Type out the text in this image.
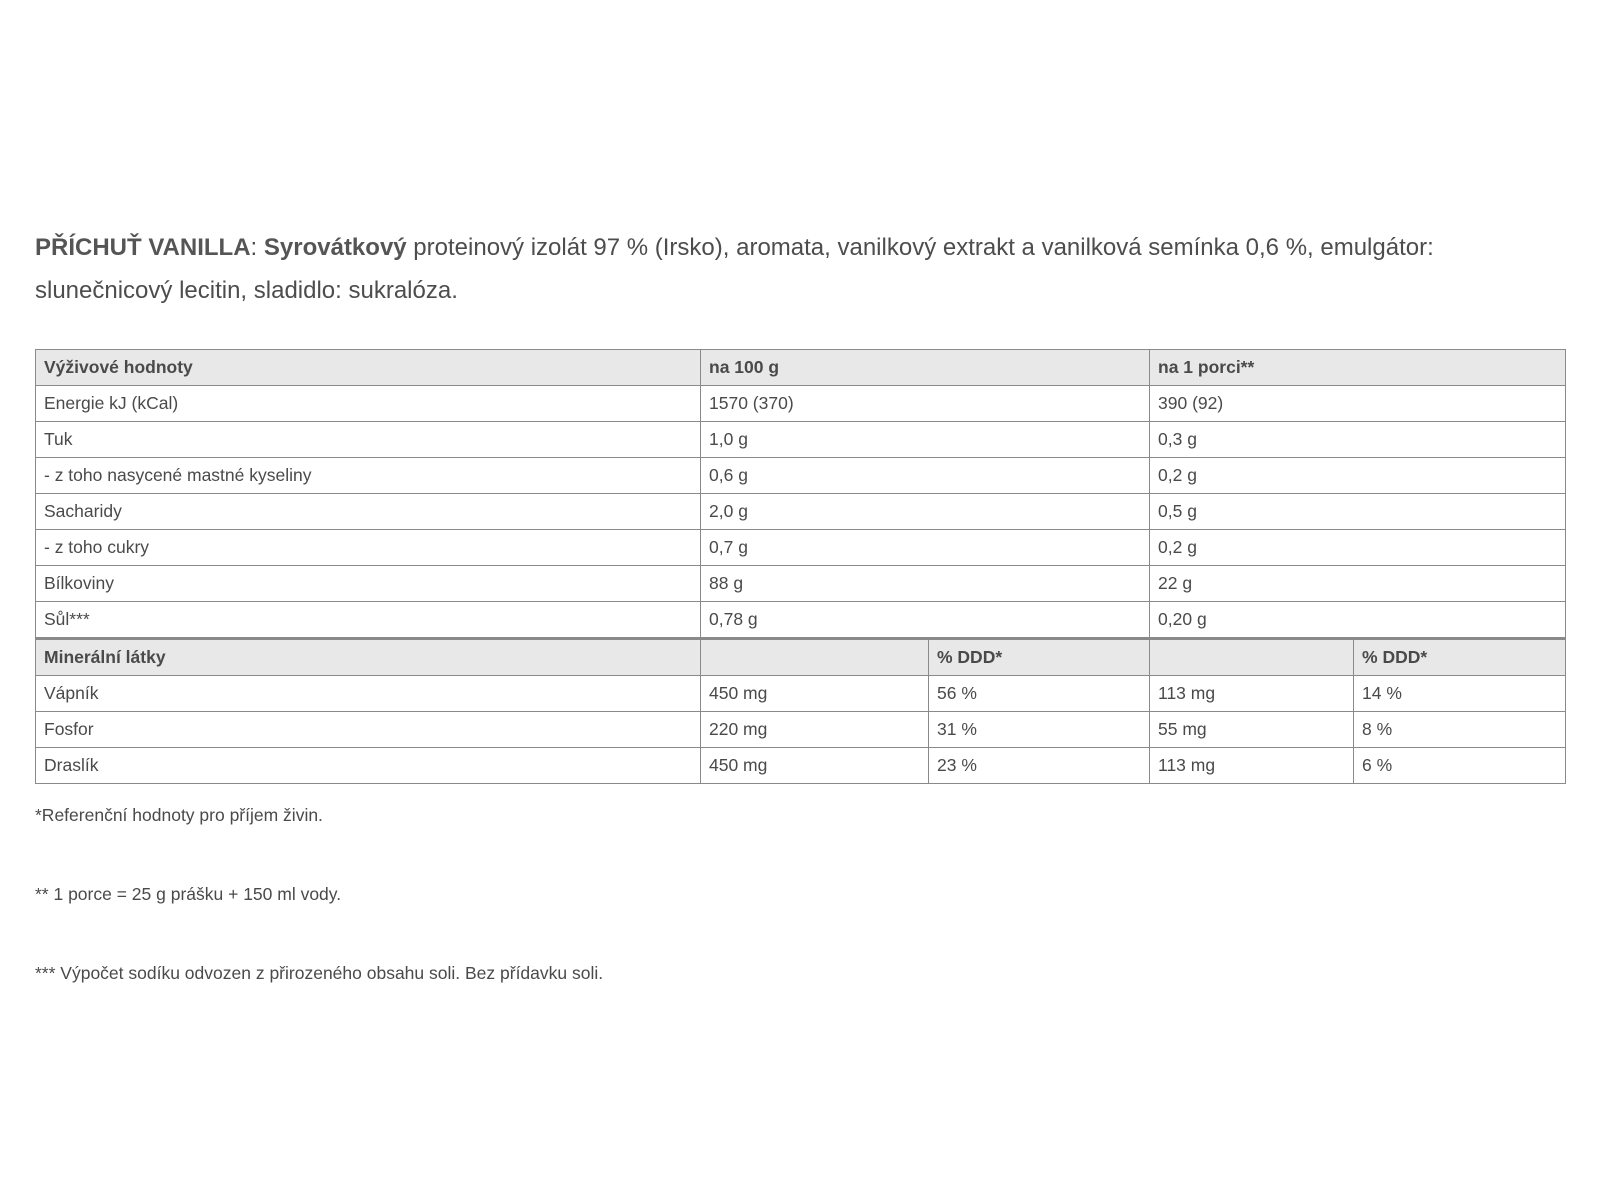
PŘÍCHUŤ VANILLA: Syrovátkový proteinový izolát 97 % (Irsko), aromata, vanilkový extrakt a vanilková semínka 0,6 %, emulgátor: slunečnicový lecitin, sladidlo: sukralóza.

Výživové hodnoty	na 100 g		na 1 porci**	
Energie kJ (kCal)	1570 (370)		390 (92)	
Tuk	1,0 g		0,3 g	
- z toho nasycené mastné kyseliny	0,6 g		0,2 g	
Sacharidy	2,0 g		0,5 g	
- z toho cukry	0,7 g		0,2 g	
Bílkoviny	88 g		22 g	
Sůl***	0,78 g		0,20 g	
Minerální látky		% DDD*		% DDD*
Vápník	450 mg	56 %	113 mg	14 %
Fosfor	220 mg	31 %	55 mg	8 %
Draslík	450 mg	23 %	113 mg	6 %

*Referenční hodnoty pro příjem živin.

** 1 porce = 25 g prášku + 150 ml vody.

*** Výpočet sodíku odvozen z přirozeného obsahu soli. Bez přídavku soli.
